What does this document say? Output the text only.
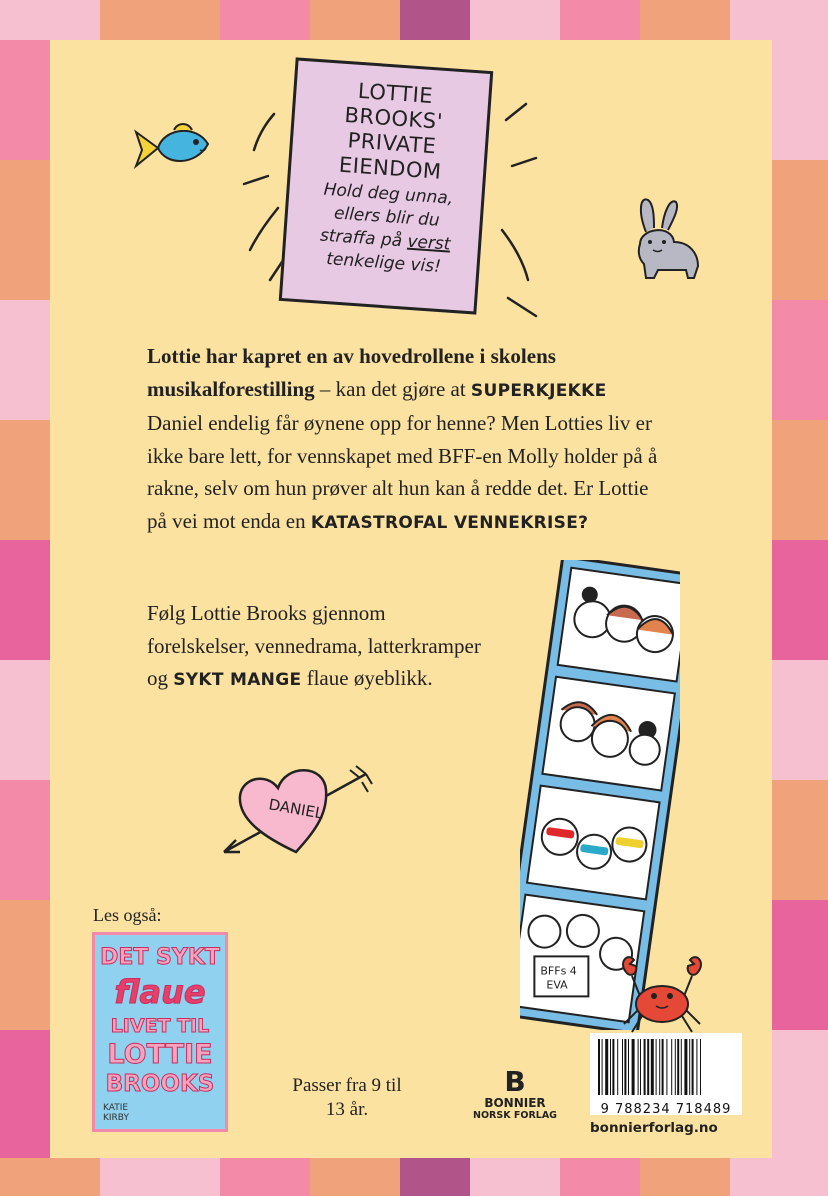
LOTTIE
BROOKS'
PRIVATE
EIENDOM
Hold deg unna,
ellers blir du
straffa på verst
tenkelige vis!
Lottie har kapret en av hovedrollene i skolens musikalforestilling – kan det gjøre at SUPERKJEKKE Daniel endelig får øynene opp for henne? Men Lotties liv er ikke bare lett, for vennskapet med BFF-en Molly holder på å rakne, selv om hun prøver alt hun kan å redde det. Er Lottie på vei mot enda en KATASTROFAL VENNEKRISE?
Følg Lottie Brooks gjennom forelskelser, vennedrama, latterkramper og SYKT MANGE flaue øyeblikk.
DANIEL
BFFs 4
EVA
Les også:
DET SYKT
flaue
LIVET TIL
LOTTIE
BROOKS
KATIE
KIRBY
Passer fra 9 til 13 år.
B
BONNIER
NORSK FORLAG	9 788234 718489
bonnierforlag.no
